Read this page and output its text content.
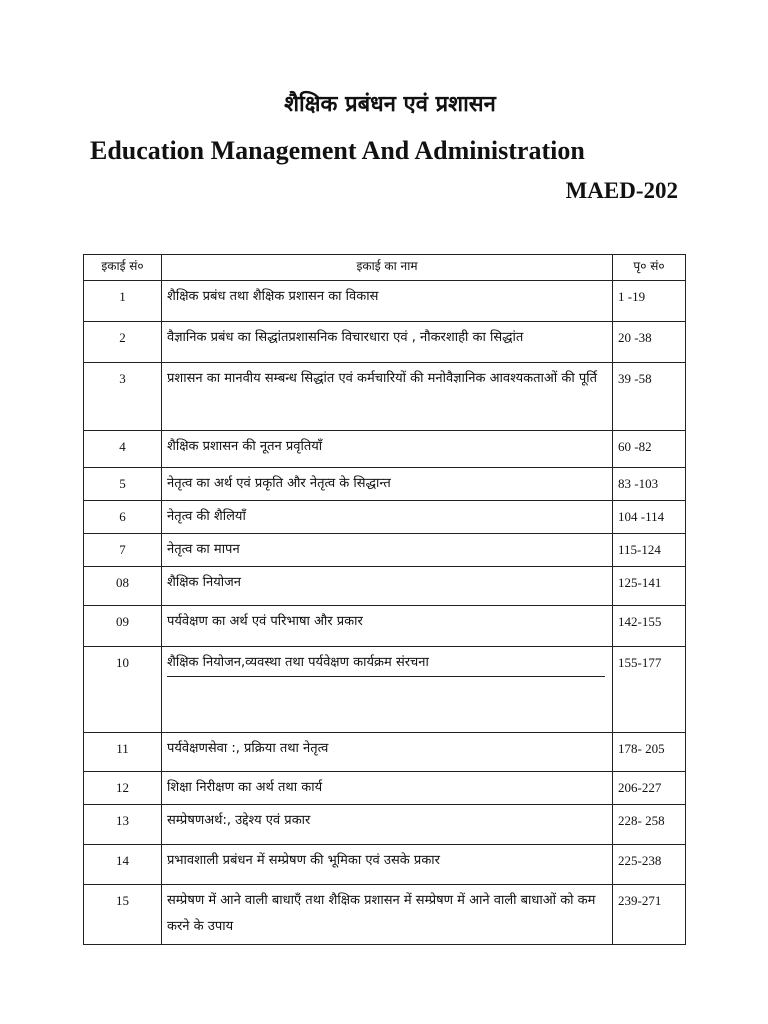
शैक्षिक प्रबंधन एवं प्रशासन
Education Management And Administration
MAED-202
इकाई सं०	इकाई का नाम	पृ० सं०
1	शैक्षिक प्रबंध तथा शैक्षिक प्रशासन का विकास	1 -19
2	वैज्ञानिक प्रबंध का सिद्धांतप्रशासनिक विचारधारा एवं , नौकरशाही का सिद्धांत	20 -38
3	प्रशासन का मानवीय सम्बन्ध सिद्धांत एवं कर्मचारियों की मनोवैज्ञानिक आवश्यकताओं की पूर्ति	39 -58
4	शैक्षिक प्रशासन की नूतन प्रवृतियाँ	60 -82
5	नेतृत्व का अर्थ एवं प्रकृति और नेतृत्व के सिद्धान्त	83 -103
6	नेतृत्व की शैलियाँ	104 -114
7	नेतृत्व का मापन	115-124
08	शैक्षिक नियोजन	125-141
09	पर्यवेक्षण का अर्थ एवं परिभाषा और प्रकार	142-155
10	शैक्षिक नियोजन,व्यवस्था तथा पर्यवेक्षण कार्यक्रम संरचना	155-177
11	पर्यवेक्षणसेवा :, प्रक्रिया तथा नेतृत्व	178- 205
12	शिक्षा निरीक्षण का अर्थ तथा कार्य	206-227
13	सम्प्रेषणअर्थ:, उद्देश्य एवं प्रकार	228- 258
14	प्रभावशाली प्रबंधन में सम्प्रेषण की भूमिका एवं उसके प्रकार	225-238
15	सम्प्रेषण में आने वाली बाधाएँ तथा शैक्षिक प्रशासन में सम्प्रेषण में आने वाली बाधाओं को कम करने के उपाय	239-271
